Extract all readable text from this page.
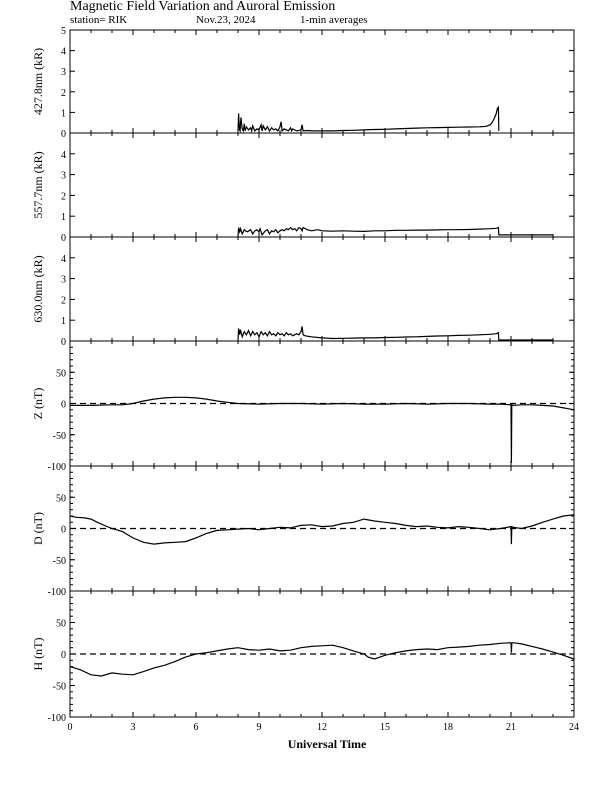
Magnetic Field Variation and Auroral Emission
station= RIK	Nov.23, 2024	1-min averages
0
1
2
3
4
5
427.8nm (kR)
0
1
2
3
4
557.7nm (kR)
0
1
2
3
4
630.0nm (kR)
-100
-50
0
50
Z (nT)
-100
-50
0
50
D (nT)
-100
-50
0
50
H (nT)
0	3	6	9	12	15	18	21	24
Universal Time
